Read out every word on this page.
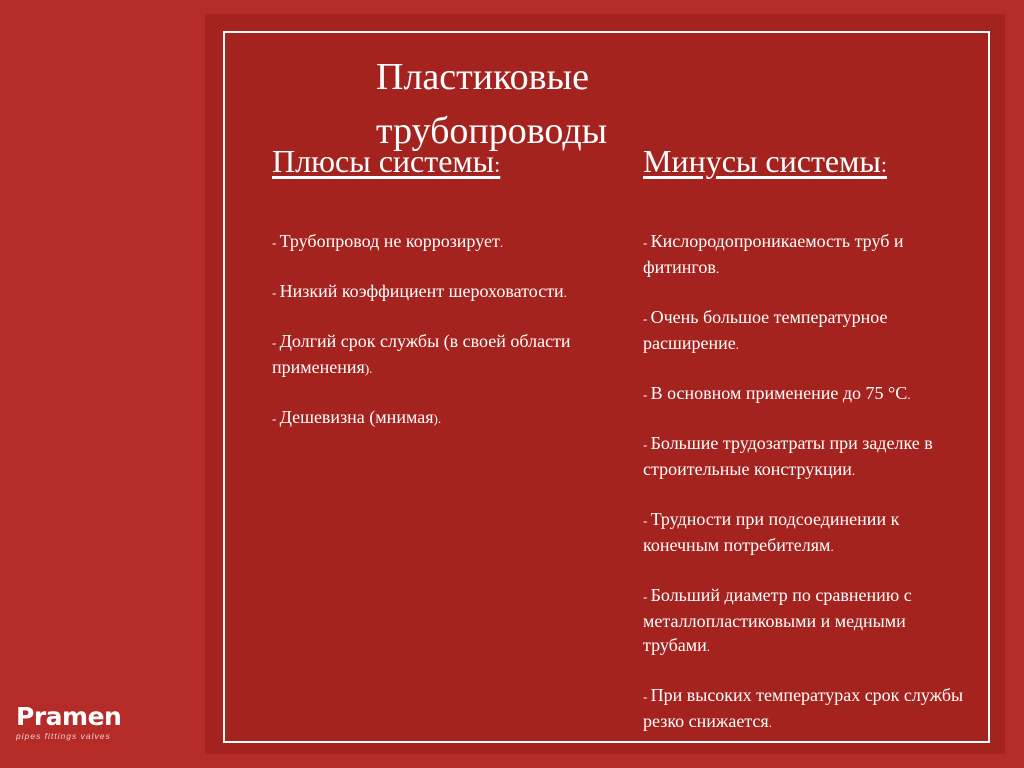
Пластиковые трубопроводы
Плюсы системы:

- Трубопровод не коррозирует.

- Низкий коэффициент шероховатости.

- Долгий срок службы (в своей области применения).

- Дешевизна (мнимая).

Минусы системы:

- Кислородопроникаемость труб и фитингов.

- Очень большое температурное расширение.

- В основном применение до 75 °С.

- Большие трудозатраты при заделке в строительные конструкции.

- Трудности при подсоединении к конечным потребителям.

- Больший диаметр по сравнению с металлопластиковыми и медными трубами.

- При высоких температурах срок службы резко снижается.

Pramen
pipes fittings valves
